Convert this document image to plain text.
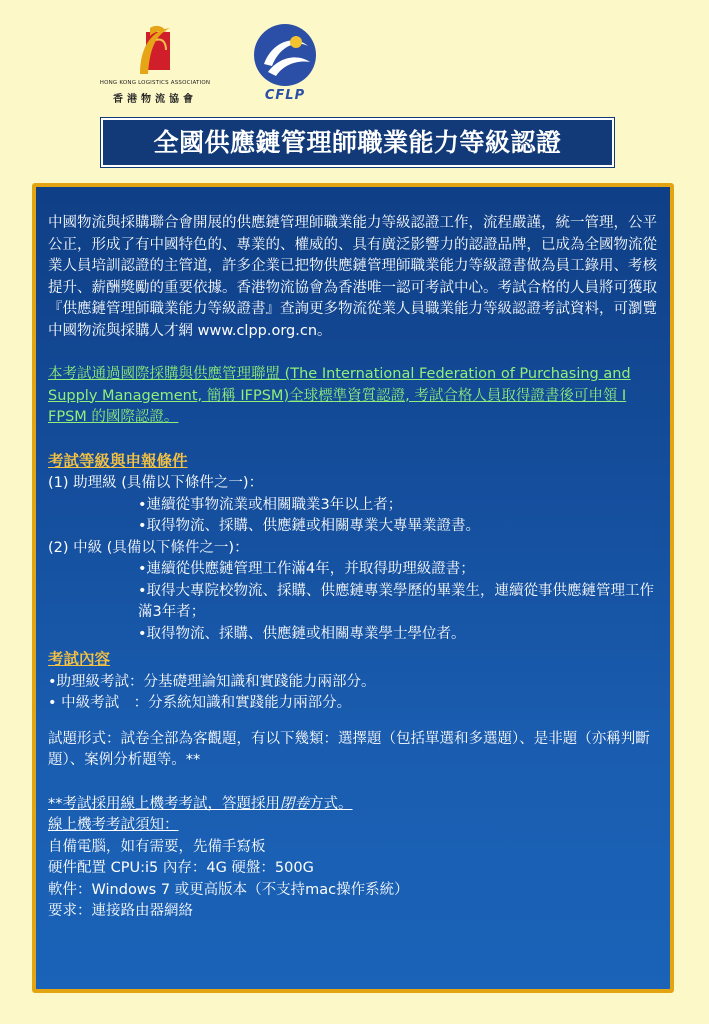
HONG KONG LOGISTICS ASSOCIATION
香港物流協會	CFLP
全國供應鏈管理師職業能力等級認證

中國物流與採購聯合會開展的供應鏈管理師職業能力等級認證工作，流程嚴謹，統一管理，公平公正，形成了有中國特色的、專業的、權威的、具有廣泛影響力的認證品牌，已成為全國物流從業人員培訓認證的主管道，許多企業已把物供應鏈管理師職業能力等級證書做為員工錄用、考核提升、薪酬獎勵的重要依據。香港物流協會為香港唯一認可考試中心。考試合格的人員將可獲取『供應鏈管理師職業能力等級證書』查詢更多物流從業人員職業能力等級認證考試資料，可瀏覽中國物流與採購人才網 www.clpp.org.cn。

本考試通過國際採購與供應管理聯盟 (The International Federation of Purchasing and Supply Management, 簡稱 IFPSM)全球標準資質認證, 考試合格人員取得證書後可申領 I FPSM 的國際認證。

考試等級與申報條件
(1) 助理級 (具備以下條件之一)：
•連續從事物流業或相關職業3年以上者；
•取得物流、採購、供應鏈或相關專業大專畢業證書。
(2) 中級 (具備以下條件之一)：
•連續從供應鏈管理工作滿4年，并取得助理級證書；
•取得大專院校物流、採購、供應鏈專業學歷的畢業生，連續從事供應鏈管理工作滿3年者；
•取得物流、採購、供應鏈或相關專業學士學位者。
考試內容
•助理級考試：分基礎理論知識和實踐能力兩部分。
• 中級考試　：分系統知識和實踐能力兩部分。

試題形式：試卷全部為客觀題，有以下幾類：選擇題（包括單選和多選題）、是非題（亦稱判斷題）、案例分析題等。**

**考試採用線上機考考試，答題採用閉卷方式。
線上機考考試須知：
自備電腦，如有需要，先備手寫板
硬件配置 CPU:i5 內存：4G 硬盤：500G
軟件：Windows 7 或更高版本（不支持mac操作系統）
要求：連接路由器網絡
